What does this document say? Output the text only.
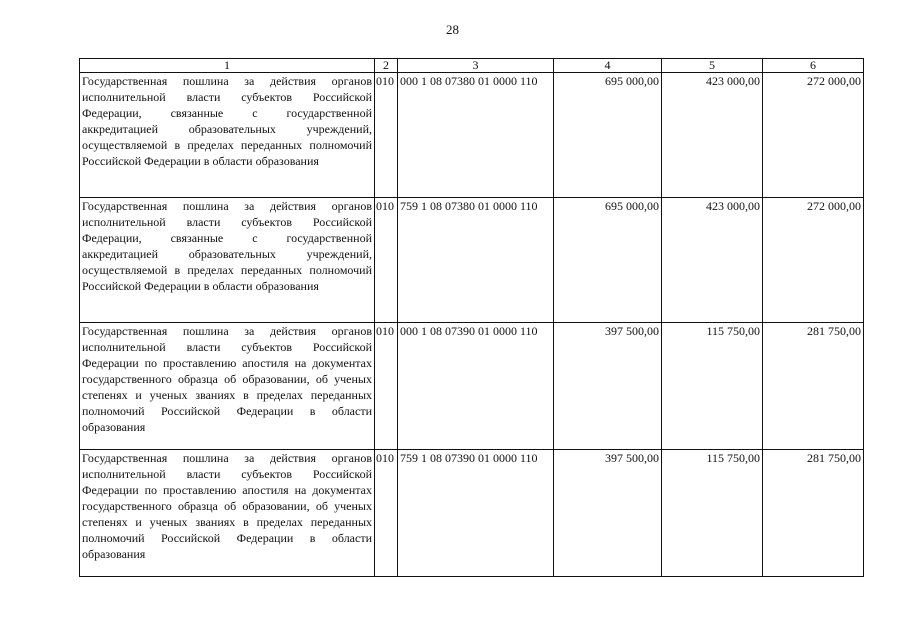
28
1	2	3	4	5	6
Государственная пошлина за действия органов исполнительной власти субъектов Российской Федерации, связанные с государственной аккредитацией образовательных учреждений, осуществляемой в пределах переданных полномочий Российской Федерации в области образования	010	000 1 08 07380 01 0000 110	695 000,00	423 000,00	272 000,00
Государственная пошлина за действия органов исполнительной власти субъектов Российской Федерации, связанные с государственной аккредитацией образовательных учреждений, осуществляемой в пределах переданных полномочий Российской Федерации в области образования	010	759 1 08 07380 01 0000 110	695 000,00	423 000,00	272 000,00
Государственная пошлина за действия органов исполнительной власти субъектов Российской Федерации по проставлению апостиля на документах государственного образца об образовании, об ученых степенях и ученых званиях в пределах переданных полномочий Российской Федерации в области образования	010	000 1 08 07390 01 0000 110	397 500,00	115 750,00	281 750,00
Государственная пошлина за действия органов исполнительной власти субъектов Российской Федерации по проставлению апостиля на документах государственного образца об образовании, об ученых степенях и ученых званиях в пределах переданных полномочий Российской Федерации в области образования	010	759 1 08 07390 01 0000 110	397 500,00	115 750,00	281 750,00
